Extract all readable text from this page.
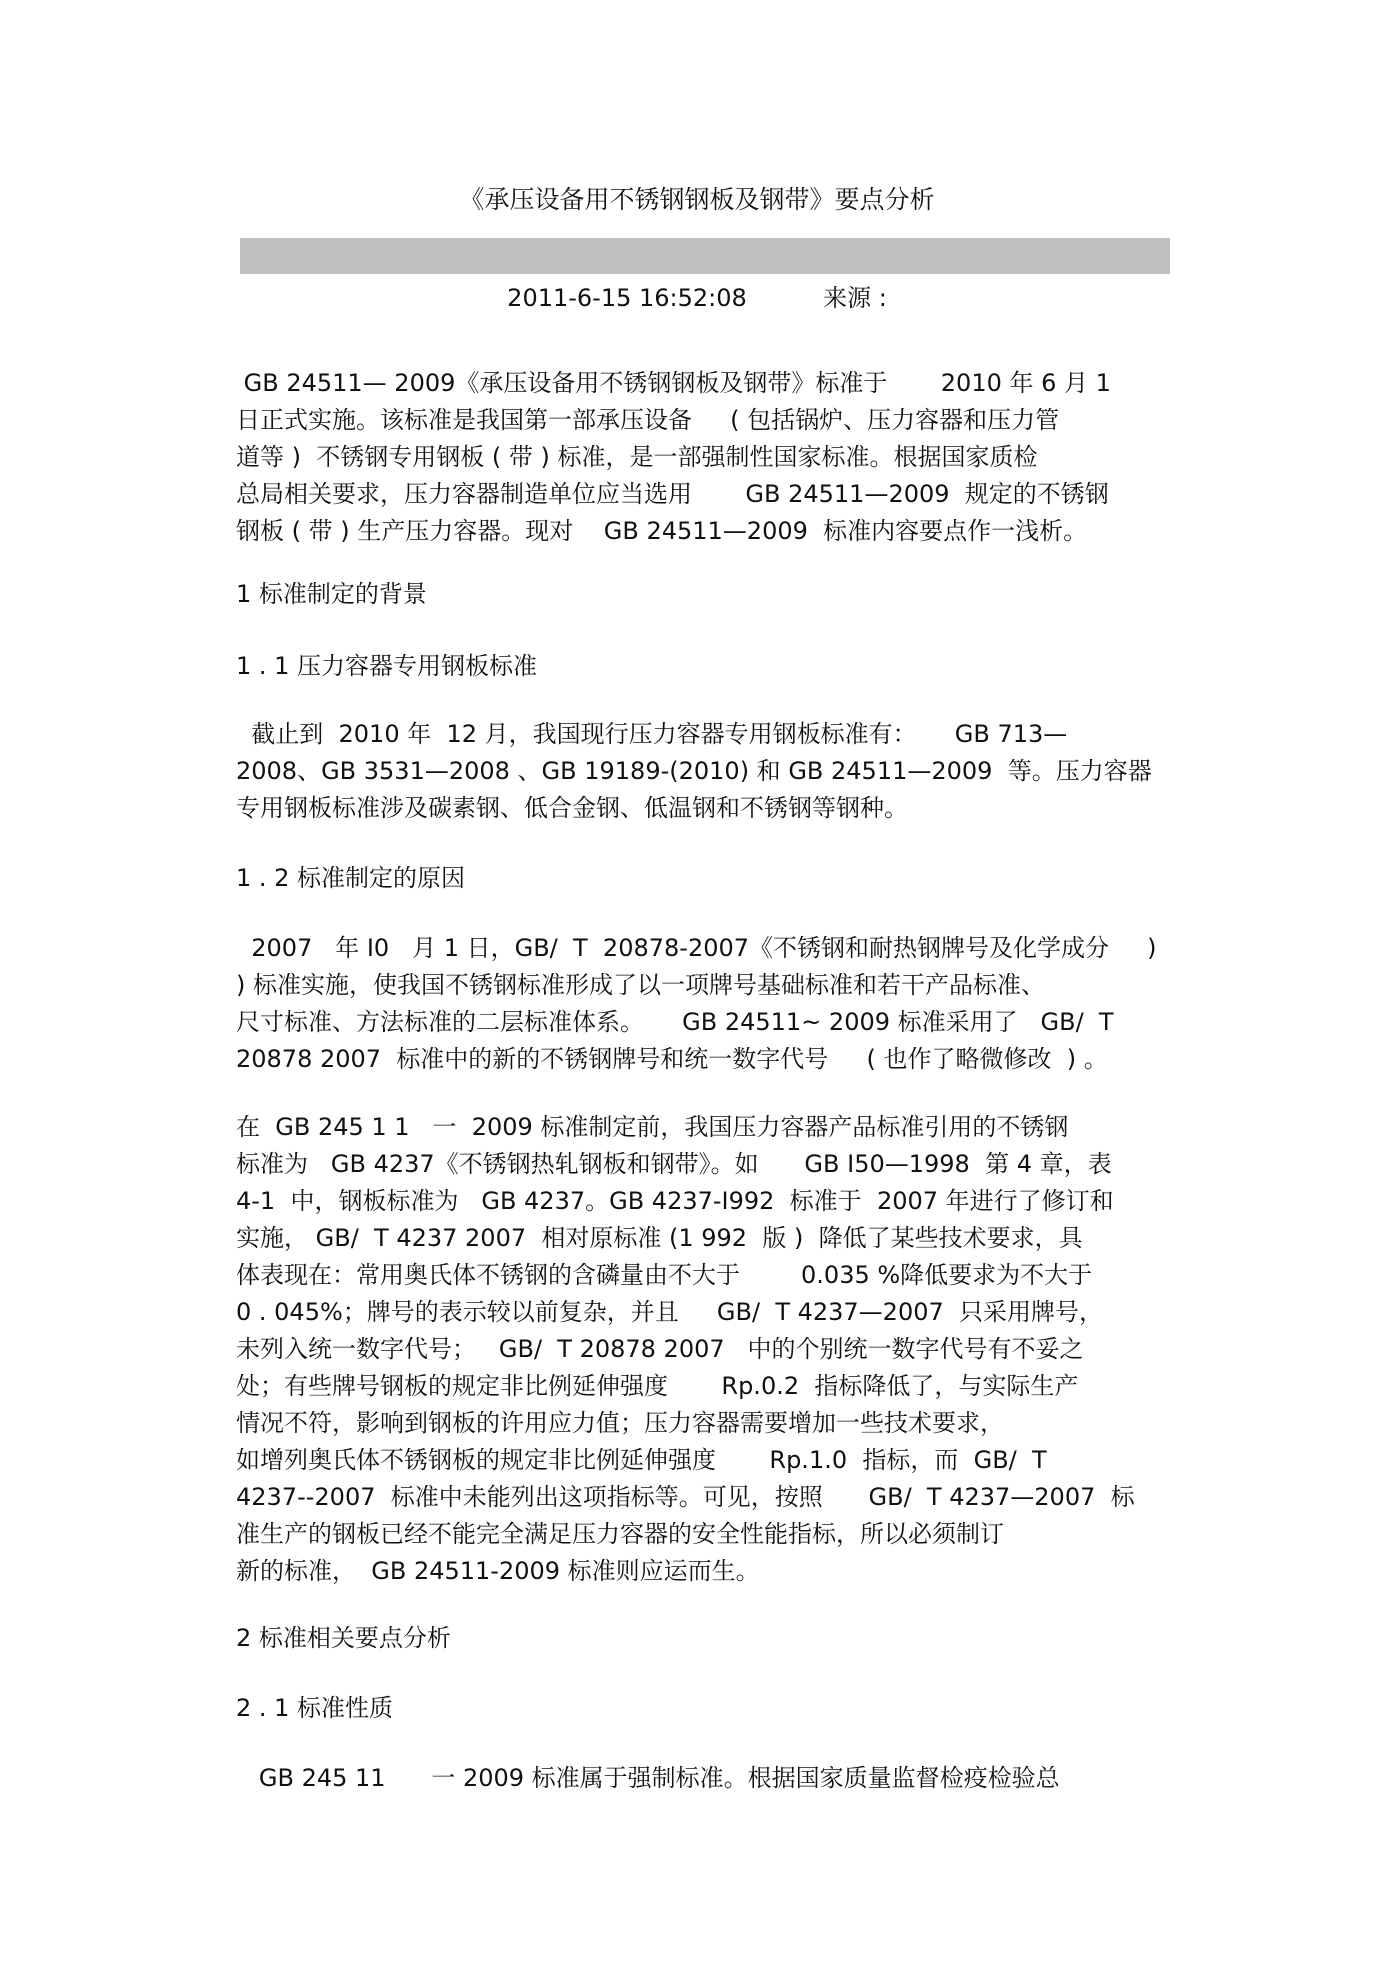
《承压设备用不锈钢钢板及钢带》要点分析
2011-6-15 16:52:08          来源 :
GB 24511— 2009《承压设备用不锈钢钢板及钢带》标准于       2010 年 6 月 1
日正式实施。该标准是我国第一部承压设备     ( 包括锅炉、压力容器和压力管
道等 )  不锈钢专用钢板 ( 带 ) 标准，是一部强制性国家标准。根据国家质检
总局相关要求，压力容器制造单位应当选用       GB 24511—2009  规定的不锈钢
钢板 ( 带 ) 生产压力容器。现对    GB 24511—2009  标准内容要点作一浅析。
1 标准制定的背景
1 . 1 压力容器专用钢板标准
截止到  2010 年  12 月，我国现行压力容器专用钢板标准有：     GB 713—
2008、GB 3531—2008 、GB 19189-(2010) 和 GB 24511—2009  等。压力容器
专用钢板标准涉及碳素钢、低合金钢、低温钢和不锈钢等钢种。
1 . 2 标准制定的原因
2007   年 I0   月 1 日，GB/  T  20878-2007《不锈钢和耐热钢牌号及化学成分     )
) 标准实施，使我国不锈钢标准形成了以一项牌号基础标准和若干产品标准、
尺寸标准、方法标准的二层标准体系。     GB 24511~ 2009 标准采用了   GB/  T
20878 2007  标准中的新的不锈钢牌号和统一数字代号     ( 也作了略微修改  ) 。
在  GB 245 1 1   一  2009 标准制定前，我国压力容器产品标准引用的不锈钢
标准为   GB 4237《不锈钢热轧钢板和钢带》。如      GB I50—1998  第 4 章，表
4-1  中，钢板标准为   GB 4237。GB 4237-I992  标准于  2007 年进行了修订和
实施， GB/  T 4237 2007  相对原标准 (1 992  版 )  降低了某些技术要求，具
体表现在：常用奥氏体不锈钢的含磷量由不大于        0.035 %降低要求为不大于
0 . 045%；牌号的表示较以前复杂，并且     GB/  T 4237—2007  只采用牌号，
未列入统一数字代号；   GB/  T 20878 2007   中的个别统一数字代号有不妥之
处；有些牌号钢板的规定非比例延伸强度       Rp.0.2  指标降低了，与实际生产
情况不符，影响到钢板的许用应力值；压力容器需要增加一些技术要求，
如增列奥氏体不锈钢板的规定非比例延伸强度       Rp.1.0  指标，而  GB/  T
4237--2007  标准中未能列出这项指标等。可见，按照      GB/  T 4237—2007  标
准生产的钢板已经不能完全满足压力容器的安全性能指标，所以必须制订
新的标准，  GB 24511-2009 标准则应运而生。
2 标准相关要点分析
2 . 1 标准性质
GB 245 11      一 2009 标准属于强制标准。根据国家质量监督检疫检验总
